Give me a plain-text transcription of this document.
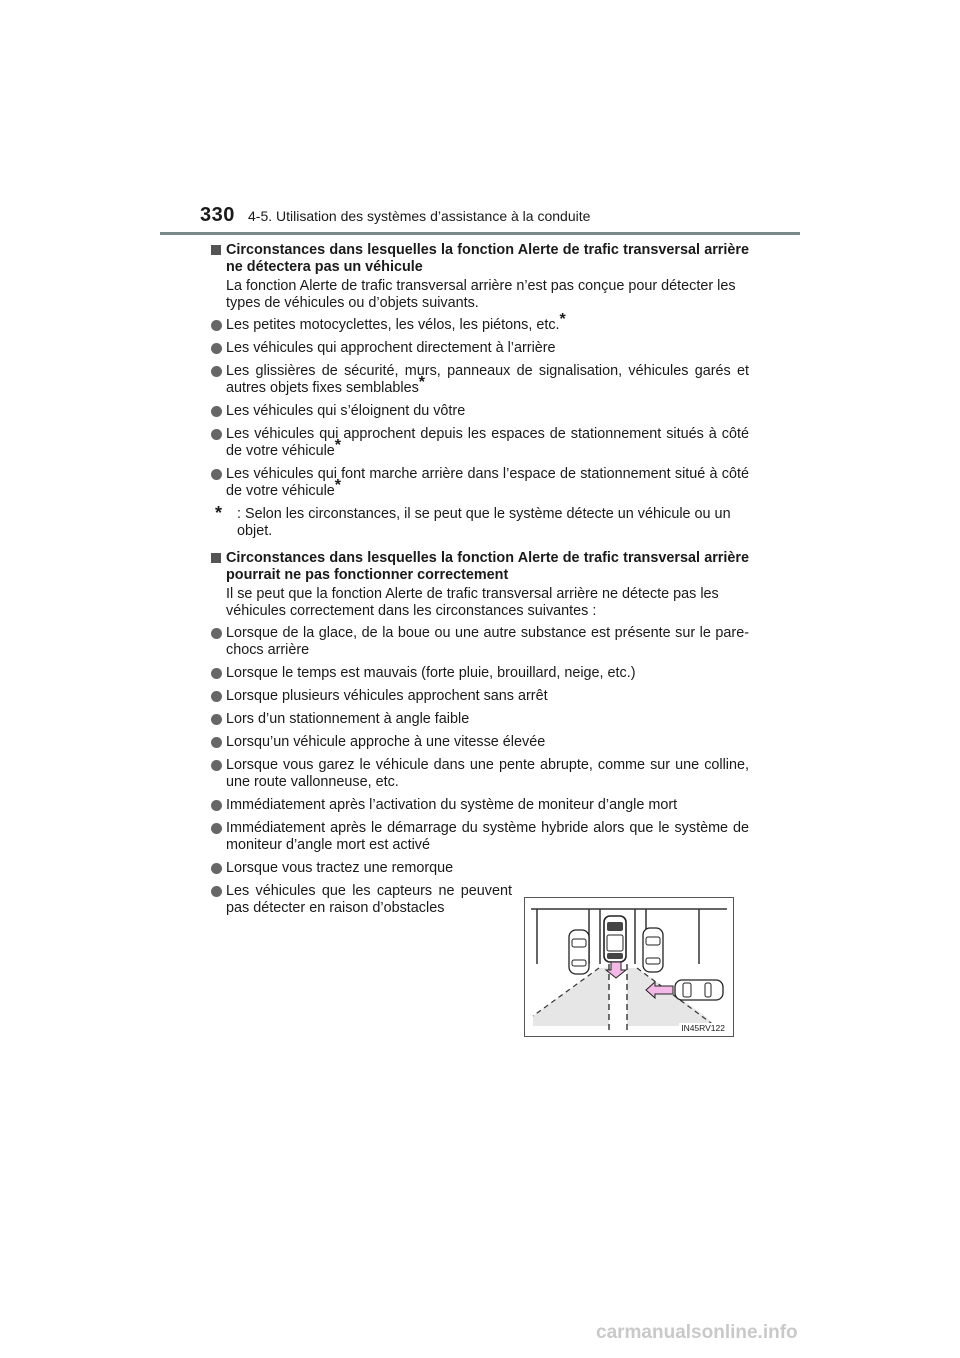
330 4-5. Utilisation des systèmes d’assistance à la conduite
Circonstances dans lesquelles la fonction Alerte de trafic transversal arrière ne détectera pas un véhicule
La fonction Alerte de trafic transversal arrière n’est pas conçue pour détecter les types de véhicules ou d’objets suivants.
Les petites motocyclettes, les vélos, les piétons, etc.*
Les véhicules qui approchent directement à l’arrière
Les glissières de sécurité, murs, panneaux de signalisation, véhicules garés et autres objets fixes semblables*
Les véhicules qui s’éloignent du vôtre
Les véhicules qui approchent depuis les espaces de stationnement situés à côté de votre véhicule*
Les véhicules qui font marche arrière dans l’espace de stationnement situé à côté de votre véhicule*
* : Selon les circonstances, il se peut que le système détecte un véhicule ou un objet.
Circonstances dans lesquelles la fonction Alerte de trafic transversal arrière pourrait ne pas fonctionner correctement
Il se peut que la fonction Alerte de trafic transversal arrière ne détecte pas les véhicules correctement dans les circonstances suivantes :
Lorsque de la glace, de la boue ou une autre substance est présente sur le pare-chocs arrière
Lorsque le temps est mauvais (forte pluie, brouillard, neige, etc.)
Lorsque plusieurs véhicules approchent sans arrêt
Lors d’un stationnement à angle faible
Lorsqu’un véhicule approche à une vitesse élevée
Lorsque vous garez le véhicule dans une pente abrupte, comme sur une colline, une route vallonneuse, etc.
Immédiatement après l’activation du système de moniteur d’angle mort
Immédiatement après le démarrage du système hybride alors que le système de moniteur d’angle mort est activé
Lorsque vous tractez une remorque
Les véhicules que les capteurs ne peuvent pas détecter en raison d’obstacles
IN45RV122
carmanualsonline.info
